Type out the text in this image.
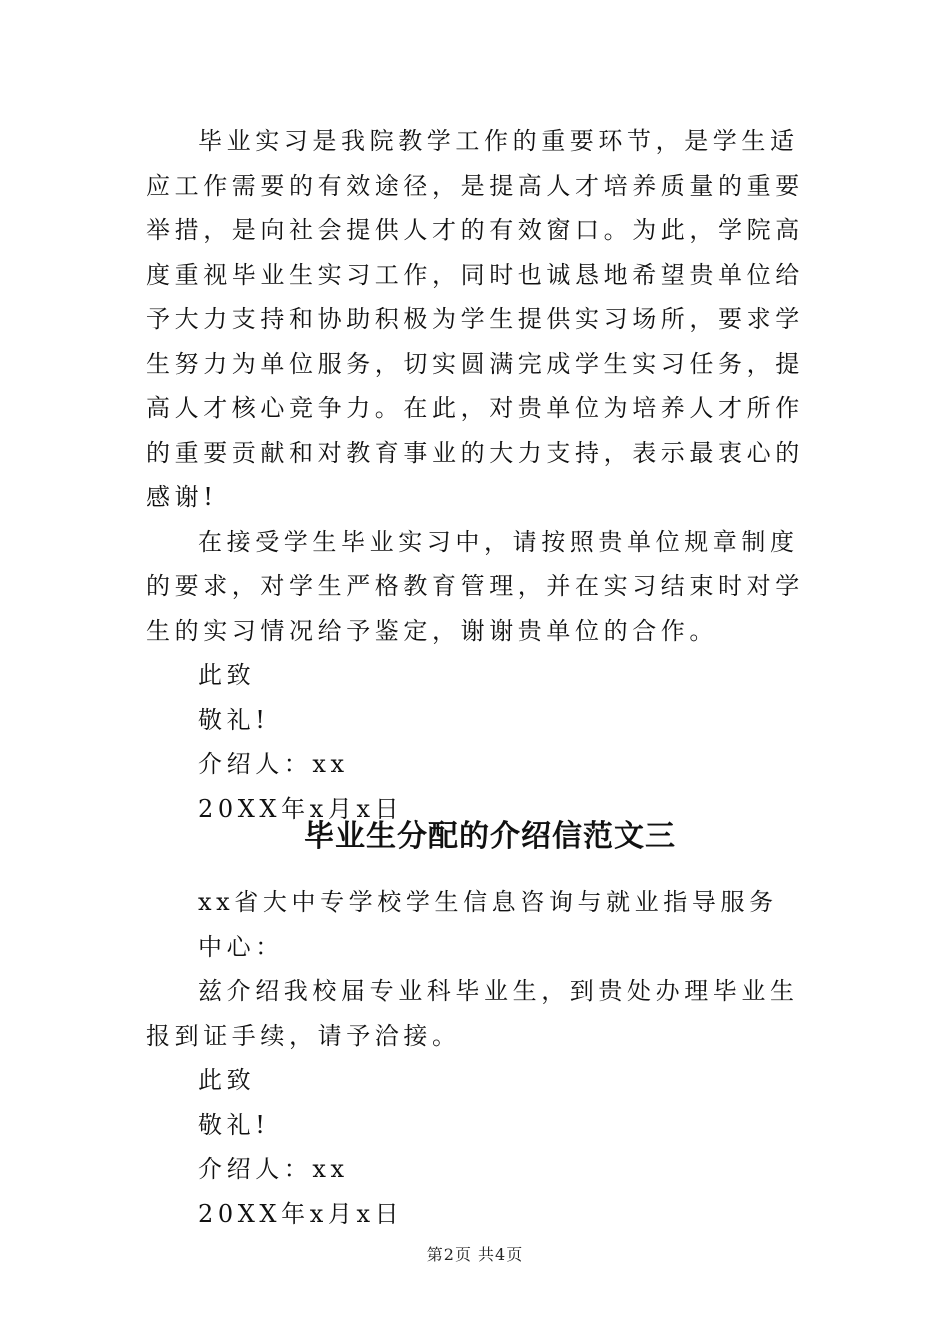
毕业实习是我院教学工作的重要环节，是学生适应工作需要的有效途径，是提高人才培养质量的重要举措，是向社会提供人才的有效窗口。为此，学院高度重视毕业生实习工作，同时也诚恳地希望贵单位给予大力支持和协助积极为学生提供实习场所，要求学生努力为单位服务，切实圆满完成学生实习任务，提高人才核心竞争力。在此，对贵单位为培养人才所作的重要贡献和对教育事业的大力支持，表示最衷心的感谢!

在接受学生毕业实习中，请按照贵单位规章制度的要求，对学生严格教育管理，并在实习结束时对学生的实习情况给予鉴定，谢谢贵单位的合作。

此致

敬礼!

介绍人：xx

20XX年x月x日

毕业生分配的介绍信范文三

xx省大中专学校学生信息咨询与就业指导服务中心：

兹介绍我校届专业科毕业生，到贵处办理毕业生报到证手续，请予洽接。

此致

敬礼!

介绍人：xx

20XX年x月x日

第2页 共4页
